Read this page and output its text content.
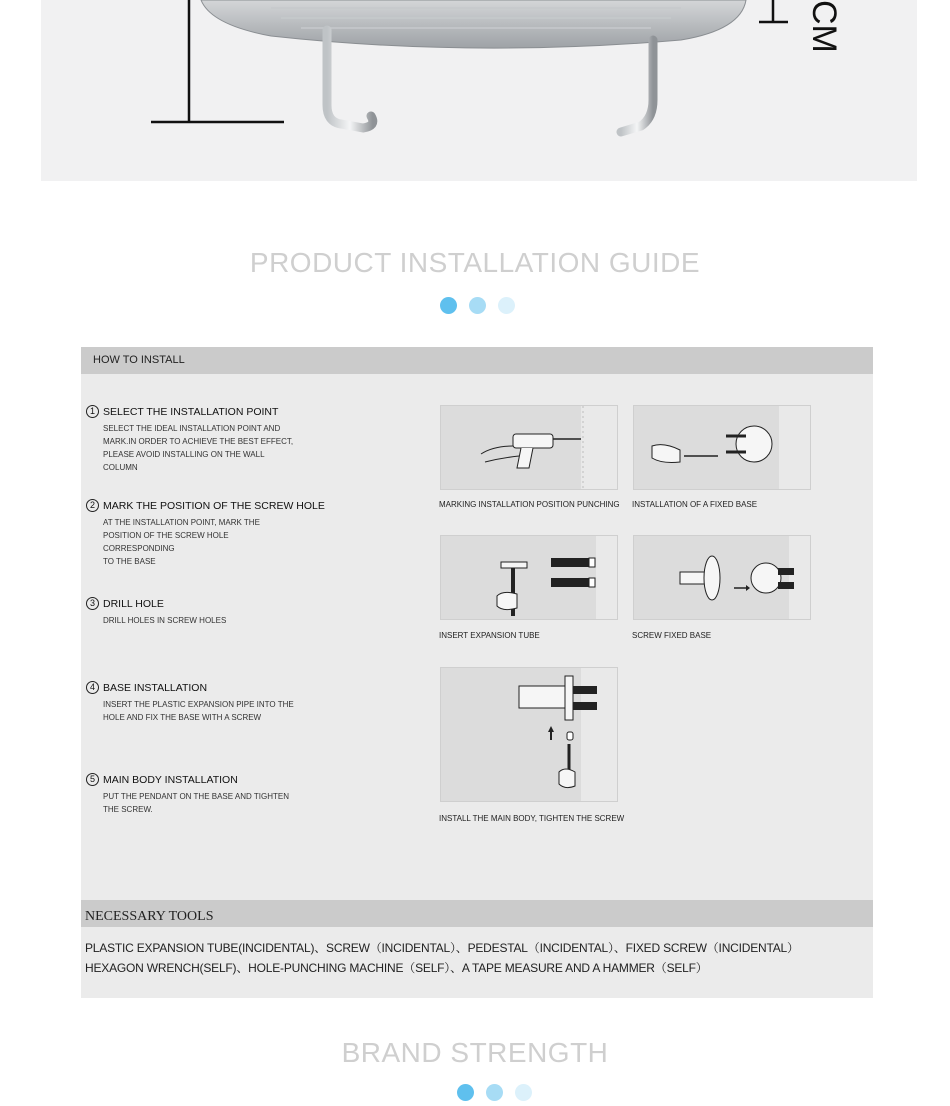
CM
PRODUCT INSTALLATION GUIDE
HOW TO INSTALL
1 SELECT THE INSTALLATION POINT
SELECT THE IDEAL INSTALLATION POINT AND
MARK.IN ORDER TO ACHIEVE THE BEST EFFECT,
PLEASE AVOID INSTALLING ON THE WALL
COLUMN
2 MARK THE POSITION OF THE SCREW HOLE
AT THE INSTALLATION POINT, MARK THE
POSITION OF THE SCREW HOLE CORRESPONDING
TO THE BASE
3 DRILL HOLE
DRILL HOLES IN SCREW HOLES
4 BASE INSTALLATION
INSERT THE PLASTIC EXPANSION PIPE INTO THE
HOLE AND FIX THE BASE WITH A SCREW
5 MAIN BODY INSTALLATION
PUT THE PENDANT ON THE BASE AND TIGHTEN
THE SCREW.
MARKING INSTALLATION POSITION PUNCHING INSTALLATION OF A FIXED BASE
INSERT EXPANSION TUBE	SCREW FIXED BASE
INSTALL THE MAIN BODY, TIGHTEN THE SCREW
NECESSARY TOOLS
PLASTIC EXPANSION TUBE(INCIDENTAL)、SCREW（INCIDENTAL）、PEDESTAL（INCIDENTAL）、FIXED SCREW（INCIDENTAL）
HEXAGON WRENCH(SELF)、HOLE-PUNCHING MACHINE（SELF）、A TAPE MEASURE AND A HAMMER（SELF）
BRAND STRENGTH
